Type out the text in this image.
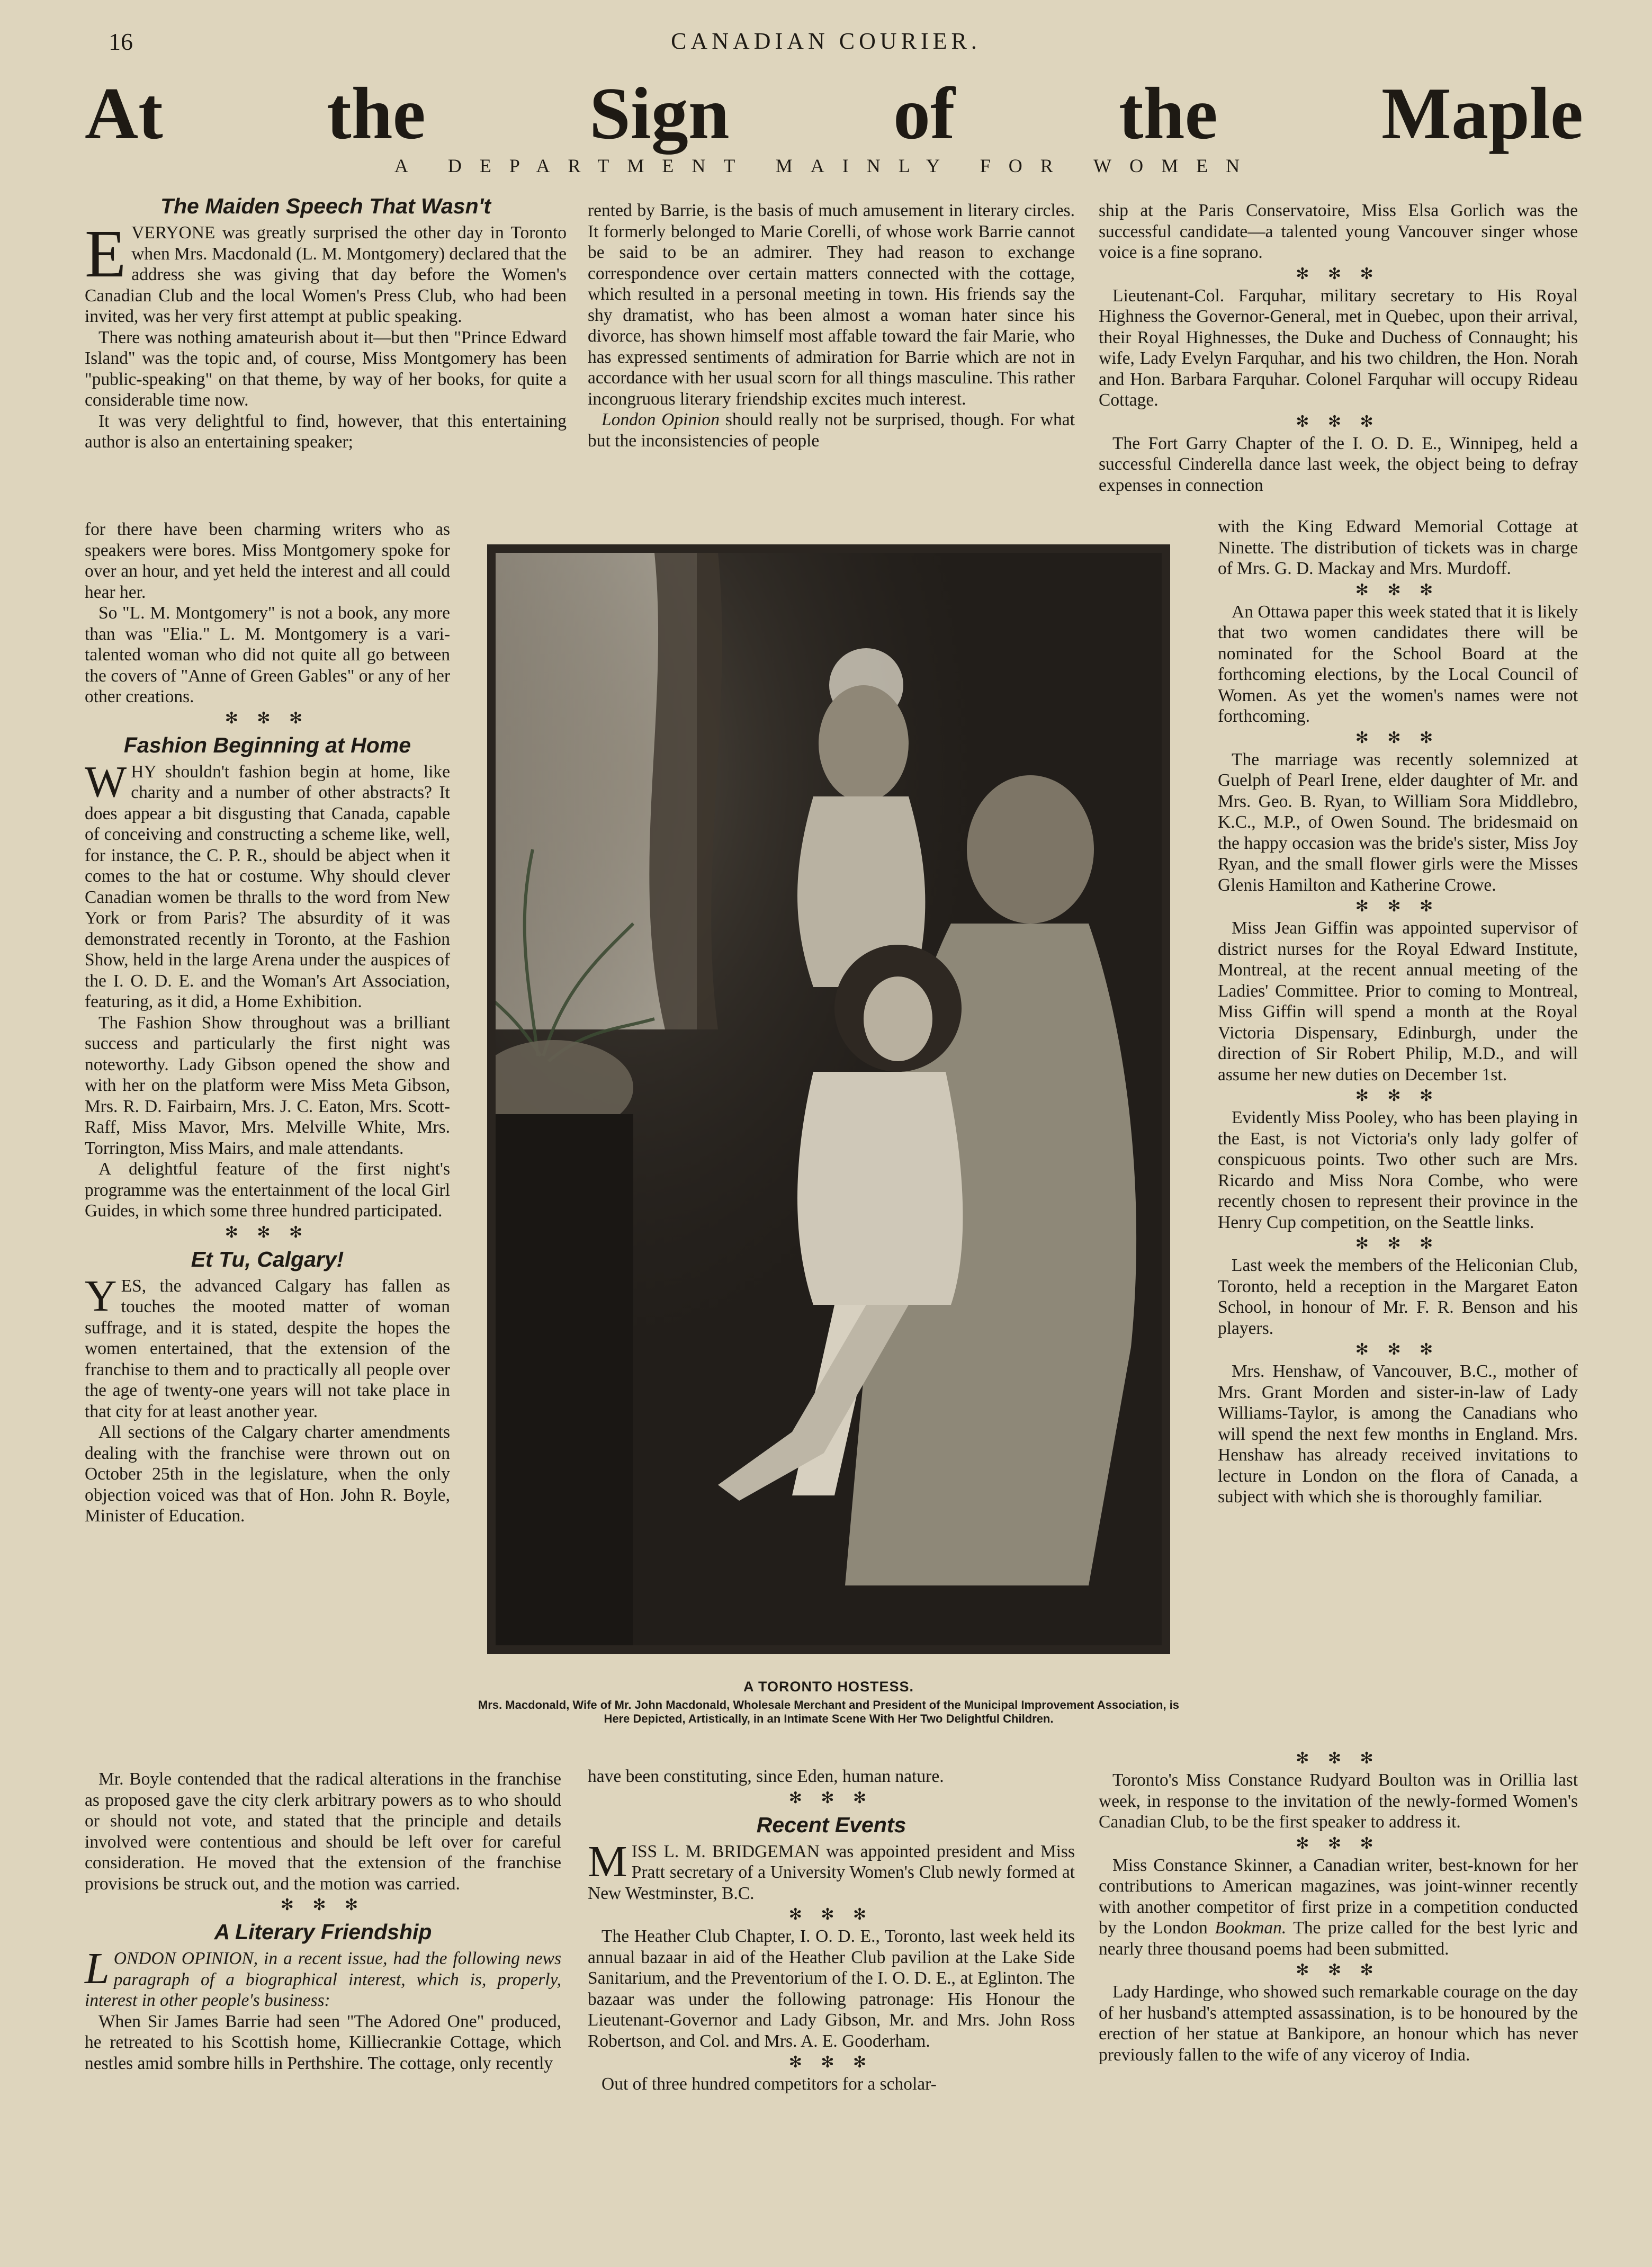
16	CANADIAN COURIER.
At the Sign of the Maple
A DEPARTMENT MAINLY FOR WOMEN
The Maiden Speech That Wasn't

EVERYONE was greatly surprised the other day in Toronto when Mrs. Macdonald (L. M. Montgomery) declared that the address she was giving that day before the Women's Canadian Club and the local Women's Press Club, who had been invited, was her very first attempt at public speaking.

There was nothing amateurish about it—but then "Prince Edward Island" was the topic and, of course, Miss Montgomery has been "public-speaking" on that theme, by way of her books, for quite a considerable time now.

It was very delightful to find, however, that this entertaining author is also an entertaining speaker;

for there have been charming writers who as speakers were bores. Miss Montgomery spoke for over an hour, and yet held the interest and all could hear her.

So "L. M. Montgomery" is not a book, any more than was "Elia." L. M. Montgomery is a vari-talented woman who did not quite all go between the covers of "Anne of Green Gables" or any of her other creations.

✻ ✻ ✻
Fashion Beginning at Home

WHY shouldn't fashion begin at home, like charity and a number of other abstracts? It does appear a bit disgusting that Canada, capable of conceiving and constructing a scheme like, well, for instance, the C. P. R., should be abject when it comes to the hat or costume. Why should clever Canadian women be thralls to the word from New York or from Paris? The absurdity of it was demonstrated recently in Toronto, at the Fashion Show, held in the large Arena under the auspices of the I. O. D. E. and the Woman's Art Association, featuring, as it did, a Home Exhibition.

The Fashion Show throughout was a brilliant success and particularly the first night was noteworthy. Lady Gibson opened the show and with her on the platform were Miss Meta Gibson, Mrs. R. D. Fairbairn, Mrs. J. C. Eaton, Mrs. Scott-Raff, Miss Mavor, Mrs. Melville White, Mrs. Torrington, Miss Mairs, and male attendants.

A delightful feature of the first night's programme was the entertainment of the local Girl Guides, in which some three hundred participated.

✻ ✻ ✻
Et Tu, Calgary!

YES, the advanced Calgary has fallen as touches the mooted matter of woman suffrage, and it is stated, despite the hopes the women entertained, that the extension of the franchise to them and to practically all people over the age of twenty-one years will not take place in that city for at least another year.

All sections of the Calgary charter amendments dealing with the franchise were thrown out on October 25th in the legislature, when the only objection voiced was that of Hon. John R. Boyle, Minister of Education.

Mr. Boyle contended that the radical alterations in the franchise as proposed gave the city clerk arbitrary powers as to who should or should not vote, and stated that the principle and details involved were contentious and should be left over for careful consideration. He moved that the extension of the franchise provisions be struck out, and the motion was carried.

✻ ✻ ✻
A Literary Friendship

LONDON OPINION, in a recent issue, had the following news paragraph of a biographical interest, which is, properly, interest in other people's business:

When Sir James Barrie had seen "The Adored One" produced, he retreated to his Scottish home, Killiecrankie Cottage, which nestles amid sombre hills in Perthshire. The cottage, only recently

rented by Barrie, is the basis of much amusement in literary circles. It formerly belonged to Marie Corelli, of whose work Barrie cannot be said to be an admirer. They had reason to exchange correspondence over certain matters connected with the cottage, which resulted in a personal meeting in town. His friends say the shy dramatist, who has been almost a woman hater since his divorce, has shown himself most affable toward the fair Marie, who has expressed sentiments of admiration for Barrie which are not in accordance with her usual scorn for all things masculine. This rather incongruous literary friendship excites much interest.

London Opinion should really not be surprised, though. For what but the inconsistencies of people

A TORONTO HOSTESS.
Mrs. Macdonald, Wife of Mr. John Macdonald, Wholesale Merchant and President of the Municipal Improvement Association, is Here Depicted, Artistically, in an Intimate Scene With Her Two Delightful Children.

have been constituting, since Eden, human nature.

✻ ✻ ✻
Recent Events

MISS L. M. BRIDGEMAN was appointed president and Miss Pratt secretary of a University Women's Club newly formed at New Westminster, B.C.

✻ ✻ ✻

The Heather Club Chapter, I. O. D. E., Toronto, last week held its annual bazaar in aid of the Heather Club pavilion at the Lake Side Sanitarium, and the Preventorium of the I. O. D. E., at Eglinton. The bazaar was under the following patronage: His Honour the Lieutenant-Governor and Lady Gibson, Mr. and Mrs. John Ross Robertson, and Col. and Mrs. A. E. Gooderham.

✻ ✻ ✻

Out of three hundred competitors for a scholar-

ship at the Paris Conservatoire, Miss Elsa Gorlich was the successful candidate—a talented young Vancouver singer whose voice is a fine soprano.

✻ ✻ ✻

Lieutenant-Col. Farquhar, military secretary to His Royal Highness the Governor-General, met in Quebec, upon their arrival, their Royal Highnesses, the Duke and Duchess of Connaught; his wife, Lady Evelyn Farquhar, and his two children, the Hon. Norah and Hon. Barbara Farquhar. Colonel Farquhar will occupy Rideau Cottage.

✻ ✻ ✻

The Fort Garry Chapter of the I. O. D. E., Winnipeg, held a successful Cinderella dance last week, the object being to defray expenses in connection

with the King Edward Memorial Cottage at Ninette. The distribution of tickets was in charge of Mrs. G. D. Mackay and Mrs. Murdoff.

✻ ✻ ✻

An Ottawa paper this week stated that it is likely that two women candidates there will be nominated for the School Board at the forthcoming elections, by the Local Council of Women. As yet the women's names were not forthcoming.

✻ ✻ ✻

The marriage was recently solemnized at Guelph of Pearl Irene, elder daughter of Mr. and Mrs. Geo. B. Ryan, to William Sora Middlebro, K.C., M.P., of Owen Sound. The bridesmaid on the happy occasion was the bride's sister, Miss Joy Ryan, and the small flower girls were the Misses Glenis Hamilton and Katherine Crowe.

✻ ✻ ✻

Miss Jean Giffin was appointed supervisor of district nurses for the Royal Edward Institute, Montreal, at the recent annual meeting of the Ladies' Committee. Prior to coming to Montreal, Miss Giffin will spend a month at the Royal Victoria Dispensary, Edinburgh, under the direction of Sir Robert Philip, M.D., and will assume her new duties on December 1st.

✻ ✻ ✻

Evidently Miss Pooley, who has been playing in the East, is not Victoria's only lady golfer of conspicuous points. Two other such are Mrs. Ricardo and Miss Nora Combe, who were recently chosen to represent their province in the Henry Cup competition, on the Seattle links.

✻ ✻ ✻

Last week the members of the Heliconian Club, Toronto, held a reception in the Margaret Eaton School, in honour of Mr. F. R. Benson and his players.

✻ ✻ ✻

Mrs. Henshaw, of Vancouver, B.C., mother of Mrs. Grant Morden and sister-in-law of Lady Williams-Taylor, is among the Canadians who will spend the next few months in England. Mrs. Henshaw has already received invitations to lecture in London on the flora of Canada, a subject with which she is thoroughly familiar.

✻ ✻ ✻

Toronto's Miss Constance Rudyard Boulton was in Orillia last week, in response to the invitation of the newly-formed Women's Canadian Club, to be the first speaker to address it.

✻ ✻ ✻

Miss Constance Skinner, a Canadian writer, best-known for her contributions to American magazines, was joint-winner recently with another competitor of first prize in a competition conducted by the London Bookman. The prize called for the best lyric and nearly three thousand poems had been submitted.

✻ ✻ ✻

Lady Hardinge, who showed such remarkable courage on the day of her husband's attempted assassination, is to be honoured by the erection of her statue at Bankipore, an honour which has never previously fallen to the wife of any viceroy of India.
